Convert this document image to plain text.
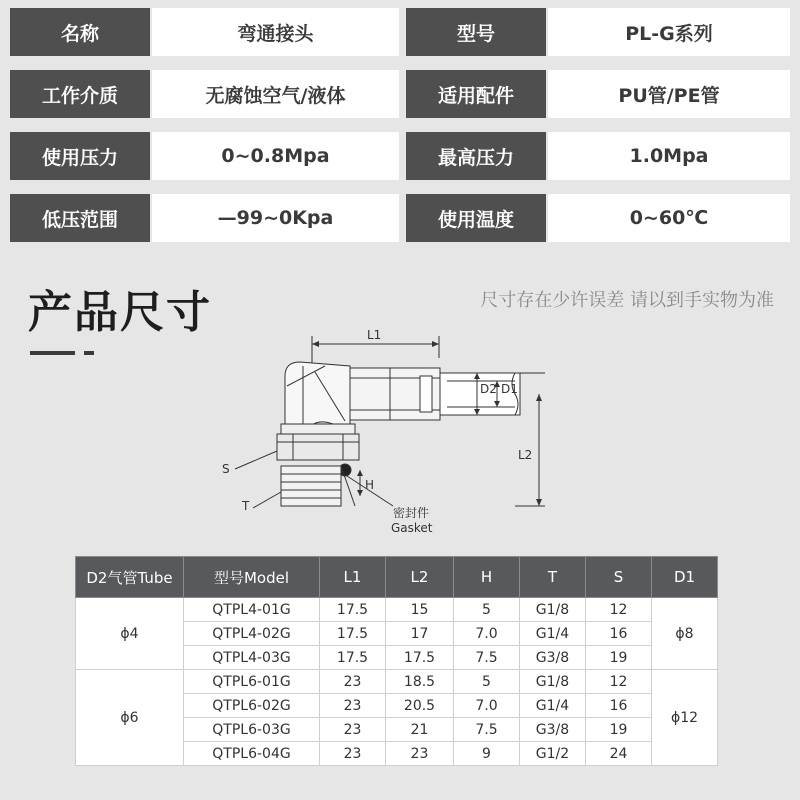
名称	弯通接头	型号	PL-G系列
工作介质	无腐蚀空气/液体	适用配件	PU管/PE管
使用压力	0~0.8Mpa	最高压力	1.0Mpa
低压范围	—99~0Kpa	使用温度	0~60℃
产品尺寸	尺寸存在少许误差 请以到手实物为准
L1
D2 D1
L2
H
S
T	密封件
Gasket
D2气管Tube	型号Model	L1	L2	H	T	S	D1
ϕ4	QTPL4-01G	17.5	15	5	G1/8	12	ϕ8
	QTPL4-02G	17.5	17	7.0	G1/4	16	
	QTPL4-03G	17.5	17.5	7.5	G3/8	19	
ϕ6	QTPL6-01G	23	18.5	5	G1/8	12	ϕ12
	QTPL6-02G	23	20.5	7.0	G1/4	16	
	QTPL6-03G	23	21	7.5	G3/8	19	
	QTPL6-04G	23	23	9	G1/2	24	
